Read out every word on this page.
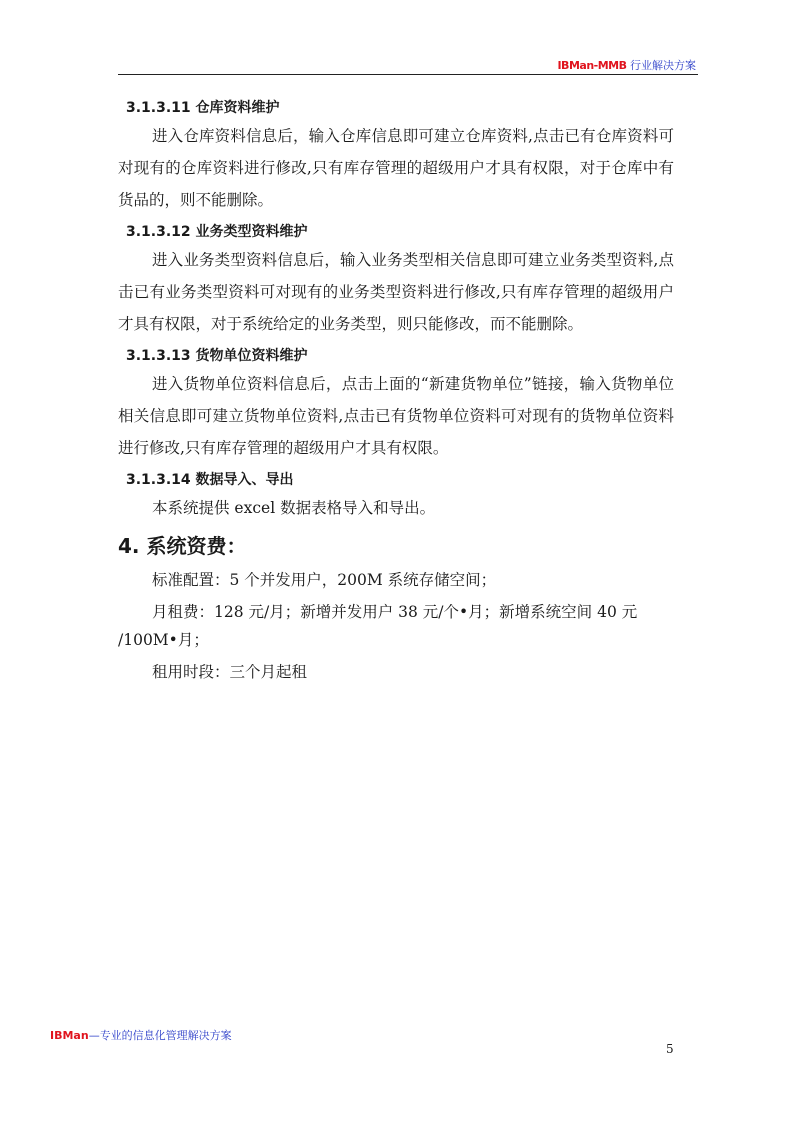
IBMan-MMB 行业解决方案
3.1.3.11 仓库资料维护

进入仓库资料信息后，输入仓库信息即可建立仓库资料,点击已有仓库资料可对现有的仓库资料进行修改,只有库存管理的超级用户才具有权限，对于仓库中有货品的，则不能删除。

3.1.3.12 业务类型资料维护

进入业务类型资料信息后，输入业务类型相关信息即可建立业务类型资料,点击已有业务类型资料可对现有的业务类型资料进行修改,只有库存管理的超级用户才具有权限，对于系统给定的业务类型，则只能修改，而不能删除。

3.1.3.13 货物单位资料维护

进入货物单位资料信息后，点击上面的“新建货物单位”链接，输入货物单位相关信息即可建立货物单位资料,点击已有货物单位资料可对现有的货物单位资料进行修改,只有库存管理的超级用户才具有权限。

3.1.3.14 数据导入、导出

本系统提供 excel 数据表格导入和导出。

4. 系统资费：

标准配置：5 个并发用户，200M 系统存储空间；

月租费：128 元/月；新增并发用户 38 元/个•月；新增系统空间 40 元

/100M•月；

租用时段：三个月起租

IBMan—专业的信息化管理解决方案
5
